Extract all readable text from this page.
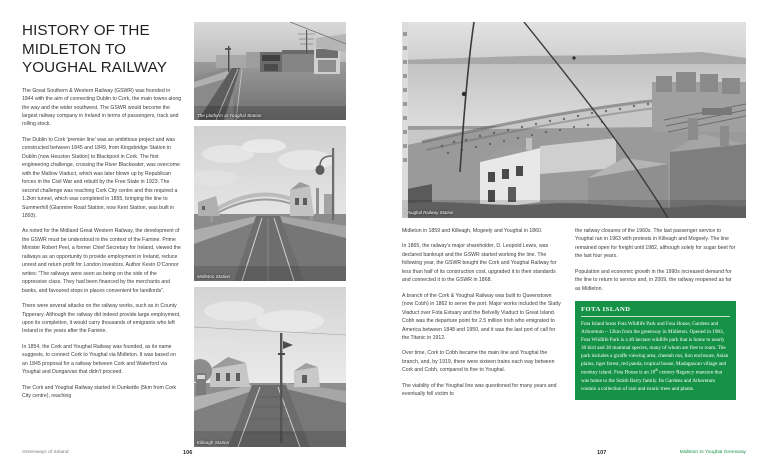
HISTORY OF THE MIDLETON TO YOUGHAL RAILWAY

The Great Southern & Western Railway (GSWR) was founded in 1844 with the aim of connecting Dublin to Cork, the main towns along the way and the wider southwest. The GSWR would become the largest railway company in Ireland in terms of passengers, track and rolling stock.

The Dublin to Cork 'premier line' was an ambitious project and was constructed between 1845 and 1849, from Kingsbridge Station in Dublin (now Heuston Station) to Blackpool in Cork. The first engineering challenge, crossing the River Blackwater, was overcome with the Mallow Viaduct, which was later blown up by Republican forces in the Civil War and rebuilt by the Free State in 1923. The second challenge was reaching Cork City centre and this required a 1.2km tunnel, which was completed in 1855, bringing the line to Summerhill (Glanmire Road Station, now Kent Station, was built in 1893).

As noted for the Midland Great Western Railway, the development of the GSWR must be understood in the context of the Famine. Prime Minister Robert Peel, a former Chief Secretary for Ireland, viewed the railways as an opportunity to provide employment in Ireland, reduce unrest and return profit for London investors. Author Kevin O'Connor writes: “The railways were seen as being on the side of the oppressive class. They had been financed by the merchants and banks, and favoured stops in places convenient for landlords”.

There were several attacks on the railway works, such as in County Tipperary. Although the railway did indeed provide large employment, upon its completion, it would carry thousands of emigrants who left Ireland in the years after the Famine.

In 1854, the Cork and Youghal Railway was founded, as its name suggests, to connect Cork to Youghal via Midleton. It was based on an 1845 proposal for a railway between Cork and Waterford via Youghal and Dungarvan that didn't proceed.

The Cork and Youghal Railway started in Dunkettle (5km from Cork City centre), reaching

The platform at Youghal Station
Midleton Station
Killeagh Station
Greenways of Ireland	106
Youghal Railway Station

Midleton in 1859 and Killeagh, Mogeely and Youghal in 1860.

In 1865, the railway's major shareholder, D. Leopold Lewis, was declared bankrupt and the GSWR started working the line. The following year, the GSWR bought the Cork and Youghal Railway for less than half of its construction cost, upgraded it to their standards and connected it to the GSWR in 1868.

A branch of the Cork & Youghal Railway was built to Queenstown (now Cobh) in 1862 to serve the port. Major works included the Slatty Viaduct over Fota Estuary and the Belvelly Viaduct to Great Island. Cobh was the departure point for 2.5 million Irish who emigrated to America between 1848 and 1950, and it was the last port of call for the Titanic in 1912.

Over time, Cork to Cobh became the main line and Youghal the branch, and, by 1919, there were sixteen trains each way between Cork and Cobh, compared to five to Youghal.

The viability of the Youghal line was questioned for many years and eventually fell victim to

the railway closures of the 1960s. The last passenger service to Youghal ran in 1963 with protests in Killeagh and Mogeely. The line remained open for freight until 1982, although solely for sugar beet for the last four years.

Population and economic growth in the 1990s increased demand for the line to return to service and, in 2009, the railway reopened as far as Midleton.

FOTA ISLAND

Fota Island hosts Fota Wildlife Park and Fota House, Gardens and Arboretum – 12km from the greenway in Midleton. Opened in 1983, Fota Wildlife Park is a 40 hectare wildlife park that is home to nearly 30 bird and 30 mammal species, many of whom are free to roam. The park includes a giraffe viewing area, cheetah run, lion enclosure, Asian plains, tiger forest, red panda, tropical house, Madagascan village and monkey island. Fota House is an 18th century Regency mansion that was home to the Smith Barry family. Its Gardens and Arboretum contain a collection of rare and exotic trees and plants.

107	Midleton to Youghal Greenway
